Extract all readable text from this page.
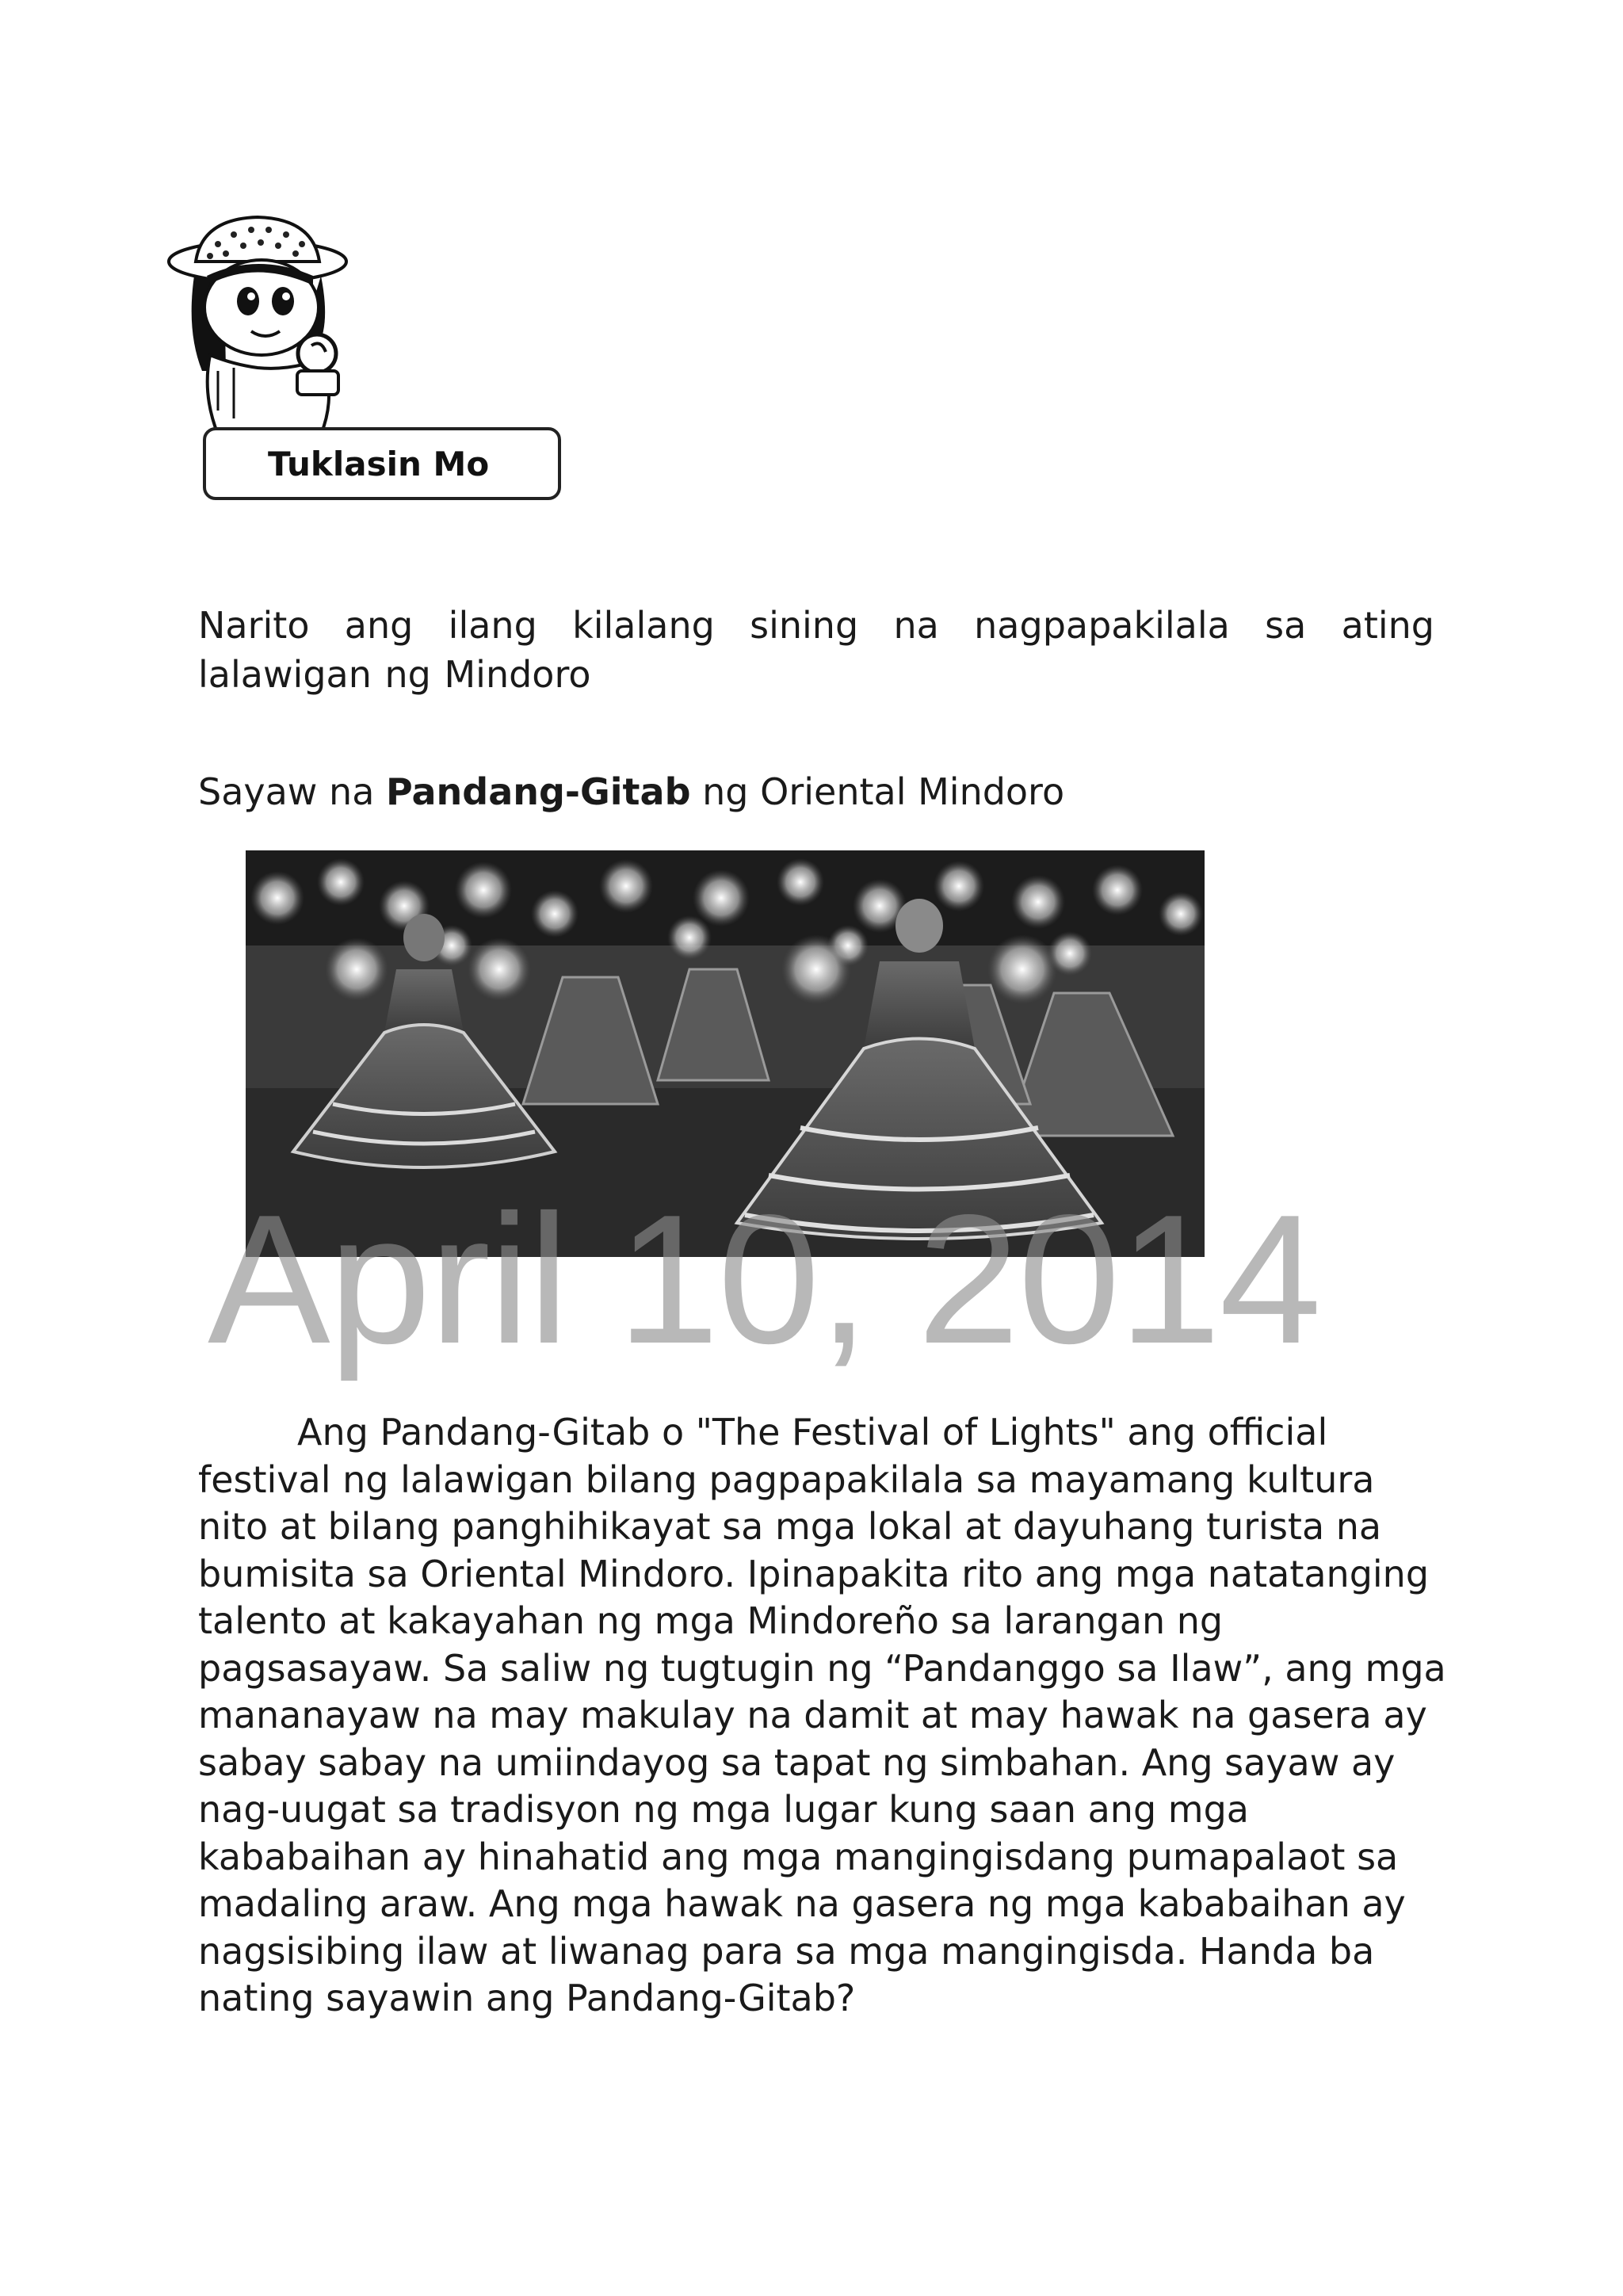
Tuklasin Mo

Narito ang ilang kilalang sining na nagpapakilala sa ating lalawigan ng Mindoro

Sayaw na Pandang-Gitab ng Oriental Mindoro
April 10, 2014
Ang Pandang-Gitab o "The Festival of Lights" ang official festival ng lalawigan bilang pagpapakilala sa mayamang kultura nito at bilang panghihikayat sa mga lokal at dayuhang turista na bumisita sa Oriental Mindoro. Ipinapakita rito ang mga natatanging talento at kakayahan ng mga Mindoreño sa larangan ng pagsasayaw. Sa saliw ng tugtugin ng “Pandanggo sa Ilaw”, ang mga mananayaw na may makulay na damit at may hawak na gasera ay sabay sabay na umiindayog sa tapat ng simbahan. Ang sayaw ay nag-uugat sa tradisyon ng mga lugar kung saan ang mga kababaihan ay hinahatid ang mga mangingisdang pumapalaot sa madaling araw. Ang mga hawak na gasera ng mga kababaihan ay nagsisibing ilaw at liwanag para sa mga mangingisda. Handa ba nating sayawin ang Pandang-Gitab?
